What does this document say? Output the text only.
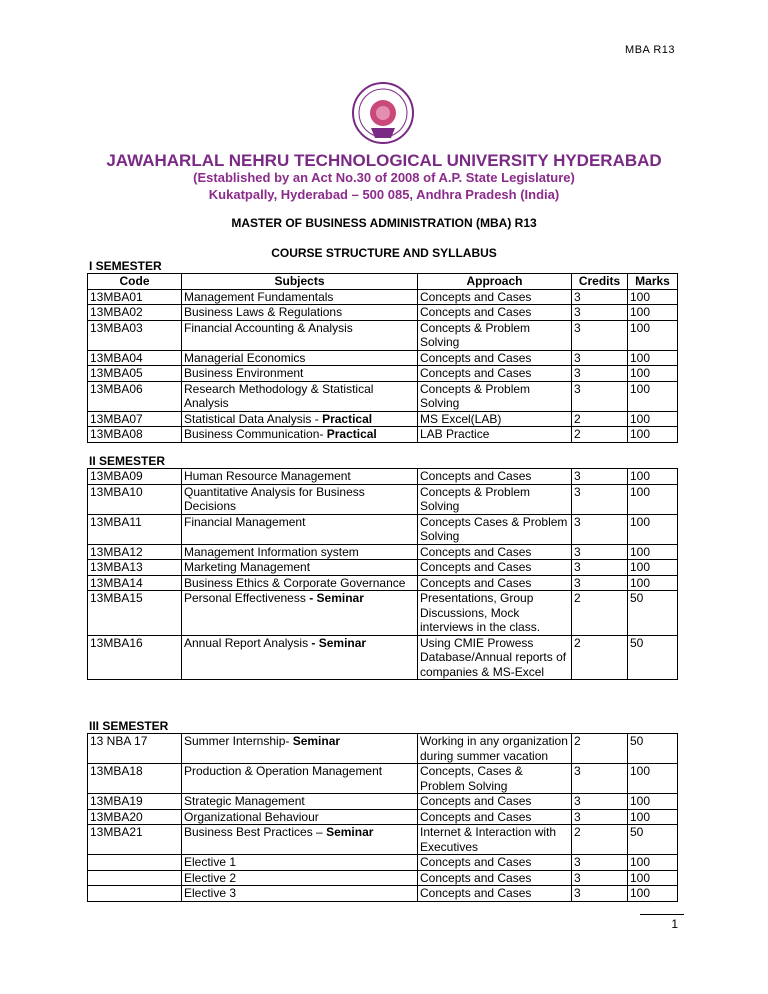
MBA R13
JAWAHARLAL NEHRU TECHNOLOGICAL UNIVERSITY HYDERABAD
(Established by an Act No.30 of 2008 of A.P. State Legislature)
Kukatpally, Hyderabad – 500 085, Andhra Pradesh (India)
MASTER OF BUSINESS ADMINISTRATION (MBA) R13
COURSE STRUCTURE AND SYLLABUS
I SEMESTER
Code	Subjects	Approach	Credits	Marks
13MBA01	Management Fundamentals	Concepts and Cases	3	100
13MBA02	Business Laws & Regulations	Concepts and Cases	3	100
13MBA03	Financial Accounting & Analysis	Concepts & Problem Solving	3	100
13MBA04	Managerial Economics	Concepts and Cases	3	100
13MBA05	Business Environment	Concepts and Cases	3	100
13MBA06	Research Methodology & Statistical Analysis	Concepts & Problem Solving	3	100
13MBA07	Statistical Data Analysis - Practical	MS Excel(LAB)	2	100
13MBA08	Business Communication- Practical	LAB Practice	2	100
II SEMESTER
13MBA09	Human Resource Management	Concepts and Cases	3	100
13MBA10	Quantitative Analysis for Business Decisions	Concepts & Problem Solving	3	100
13MBA11	Financial Management	Concepts Cases & Problem Solving	3	100
13MBA12	Management Information system	Concepts and Cases	3	100
13MBA13	Marketing Management	Concepts and Cases	3	100
13MBA14	Business Ethics & Corporate Governance	Concepts and Cases	3	100
13MBA15	Personal Effectiveness - Seminar	Presentations, Group Discussions, Mock interviews in the class.	2	50
13MBA16	Annual Report Analysis - Seminar	Using CMIE Prowess Database/Annual reports of companies & MS-Excel	2	50
III SEMESTER
13 NBA 17	Summer Internship- Seminar	Working in any organization during summer vacation	2	50
13MBA18	Production & Operation Management	Concepts, Cases & Problem Solving	3	100
13MBA19	Strategic Management	Concepts and Cases	3	100
13MBA20	Organizational Behaviour	Concepts and Cases	3	100
13MBA21	Business Best Practices – Seminar	Internet & Interaction with Executives	2	50
	Elective 1	Concepts and Cases	3	100
	Elective 2	Concepts and Cases	3	100
	Elective 3	Concepts and Cases	3	100
1
